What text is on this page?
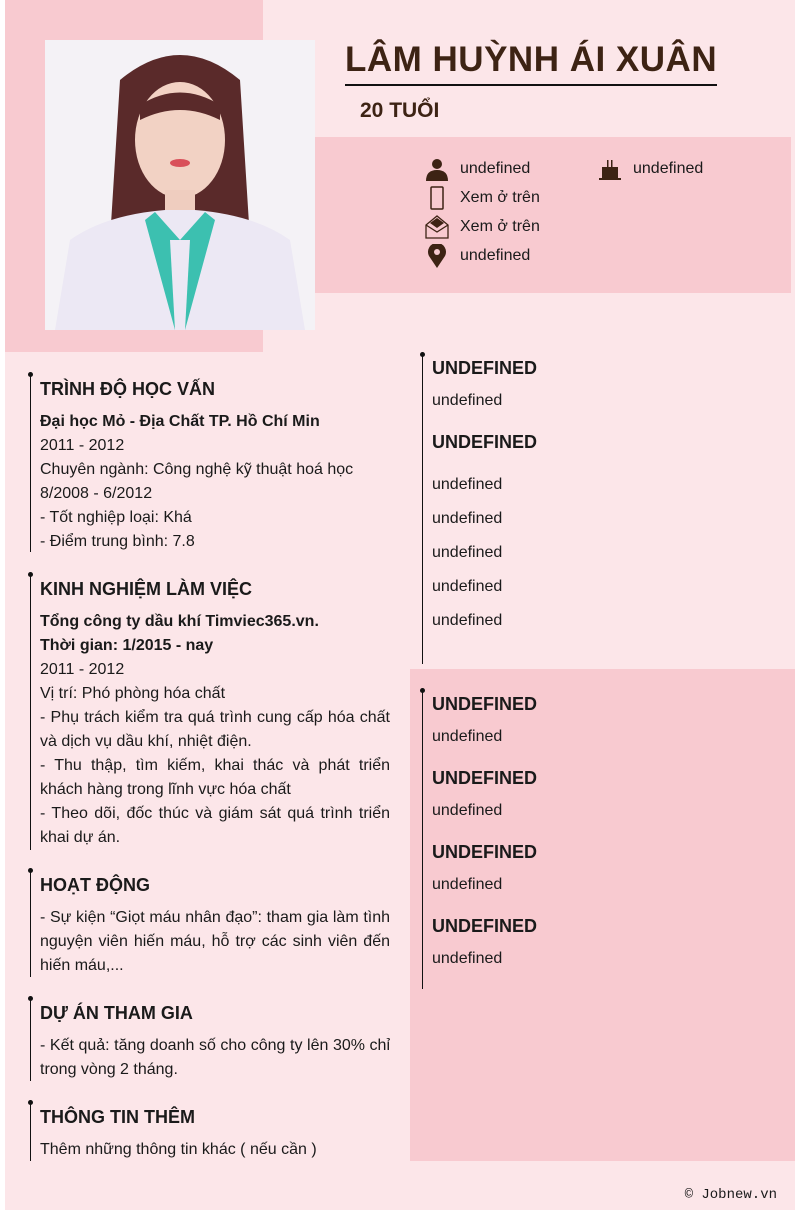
LÂM HUỲNH ÁI XUÂN
20 TUỔI
undefined
Xem ở trên
Xem ở trên
undefined
undefined
TRÌNH ĐỘ HỌC VẤN

Đại học Mỏ - Địa Chất TP. Hồ Chí Min

2011 - 2012

Chuyên ngành: Công nghệ kỹ thuật hoá học

8/2008 - 6/2012

- Tốt nghiệp loại: Khá

- Điểm trung bình: 7.8

KINH NGHIỆM LÀM VIỆC

Tổng công ty dầu khí Timviec365.vn.

Thời gian: 1/2015 - nay

2011 - 2012

Vị trí: Phó phòng hóa chất

- Phụ trách kiểm tra quá trình cung cấp hóa chất và dịch vụ dầu khí, nhiệt điện.

- Thu thập, tìm kiếm, khai thác và phát triển khách hàng trong lĩnh vực hóa chất

- Theo dõi, đốc thúc và giám sát quá trình triển khai dự án.

HOẠT ĐỘNG

- Sự kiện “Giọt máu nhân đạo”: tham gia làm tình nguyện viên hiến máu, hỗ trợ các sinh viên đến hiến máu,...

DỰ ÁN THAM GIA

- Kết quả: tăng doanh số cho công ty lên 30% chỉ trong vòng 2 tháng.

THÔNG TIN THÊM

Thêm những thông tin khác ( nếu cần )

UNDEFINED

undefined

UNDEFINED

undefined

undefined

undefined

undefined

undefined

UNDEFINED

undefined

UNDEFINED

undefined

UNDEFINED

undefined

UNDEFINED

undefined

© Jobnew.vn
